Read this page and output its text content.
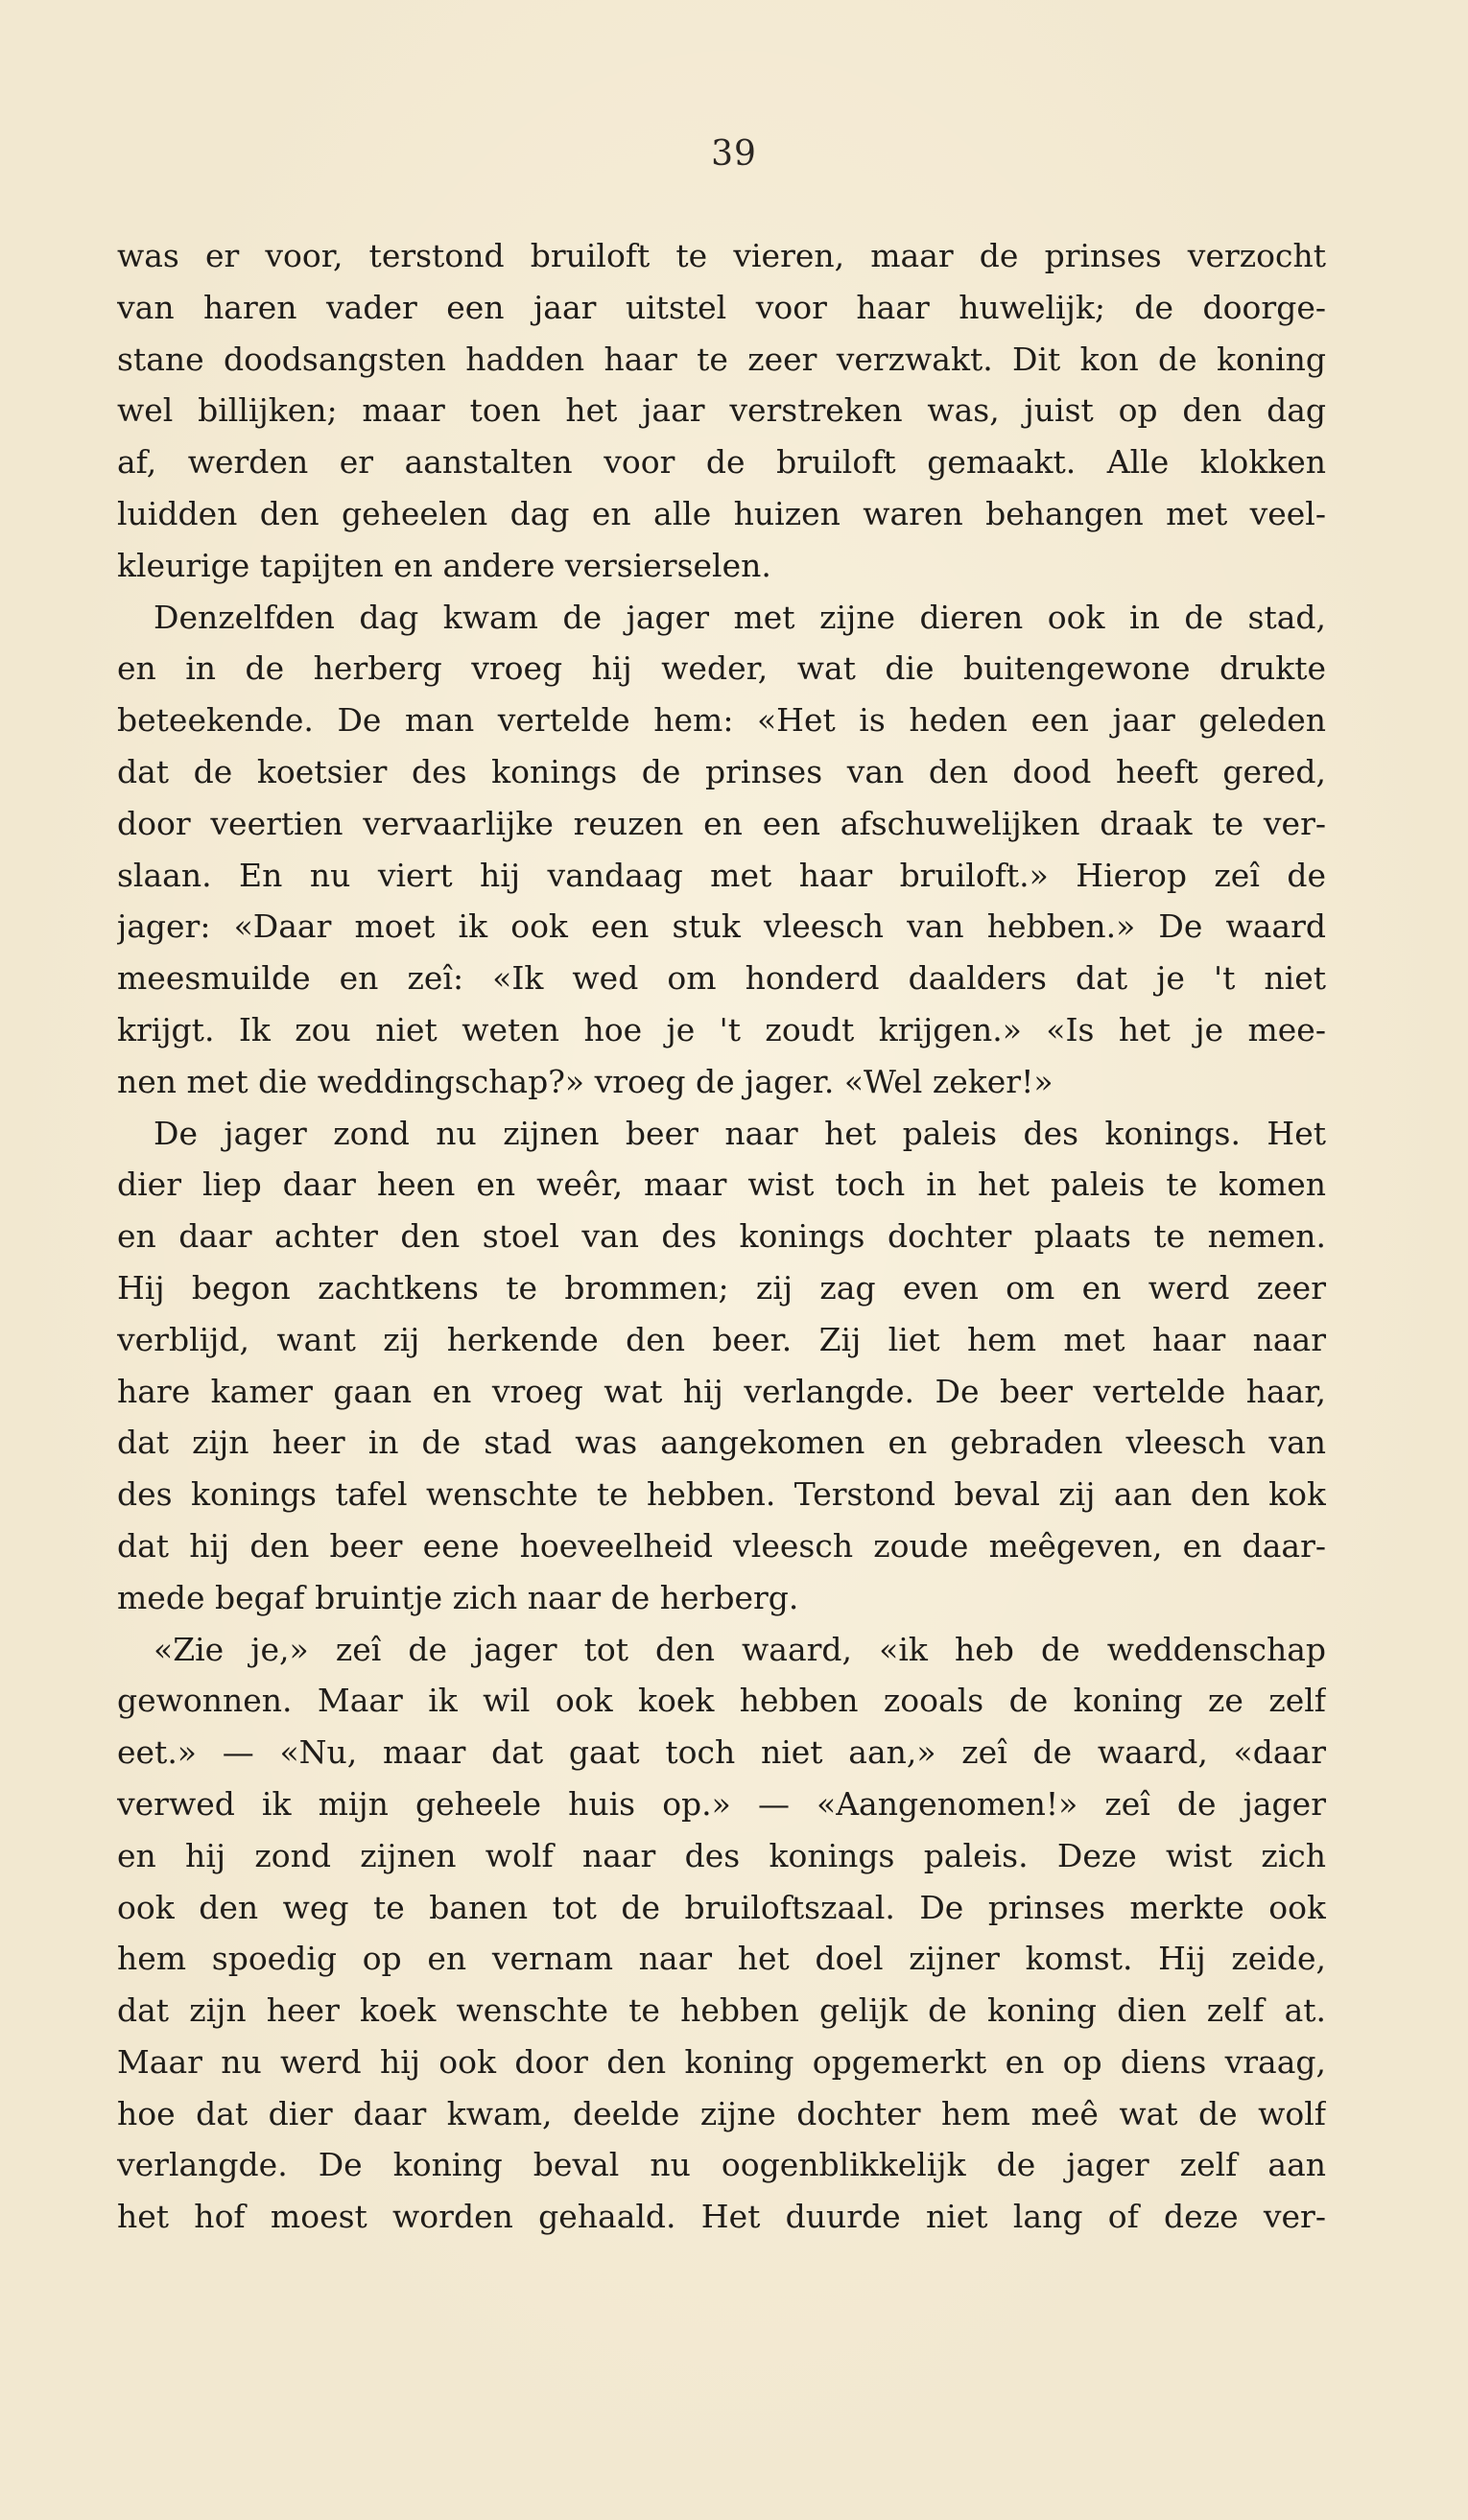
39
was er voor, terstond bruiloft te vieren, maar de prinses verzocht
van haren vader een jaar uitstel voor haar huwelijk; de doorge-
stane doodsangsten hadden haar te zeer verzwakt. Dit kon de koning
wel billijken; maar toen het jaar verstreken was, juist op den dag
af, werden er aanstalten voor de bruiloft gemaakt. Alle klokken
luidden den geheelen dag en alle huizen waren behangen met veel-
kleurige tapijten en andere versierselen.
Denzelfden dag kwam de jager met zijne dieren ook in de stad,
en in de herberg vroeg hij weder, wat die buitengewone drukte
beteekende. De man vertelde hem: «Het is heden een jaar geleden
dat de koetsier des konings de prinses van den dood heeft gered,
door veertien vervaarlijke reuzen en een afschuwelijken draak te ver-
slaan. En nu viert hij vandaag met haar bruiloft.» Hierop zeî de
jager: «Daar moet ik ook een stuk vleesch van hebben.» De waard
meesmuilde en zeî: «Ik wed om honderd daalders dat je 't niet
krijgt. Ik zou niet weten hoe je 't zoudt krijgen.» «Is het je mee-
nen met die weddingschap?» vroeg de jager. «Wel zeker!»
De jager zond nu zijnen beer naar het paleis des konings. Het
dier liep daar heen en weêr, maar wist toch in het paleis te komen
en daar achter den stoel van des konings dochter plaats te nemen.
Hij begon zachtkens te brommen; zij zag even om en werd zeer
verblijd, want zij herkende den beer. Zij liet hem met haar naar
hare kamer gaan en vroeg wat hij verlangde. De beer vertelde haar,
dat zijn heer in de stad was aangekomen en gebraden vleesch van
des konings tafel wenschte te hebben. Terstond beval zij aan den kok
dat hij den beer eene hoeveelheid vleesch zoude meêgeven, en daar-
mede begaf bruintje zich naar de herberg.
«Zie je,» zeî de jager tot den waard, «ik heb de weddenschap
gewonnen. Maar ik wil ook koek hebben zooals de koning ze zelf
eet.» — «Nu, maar dat gaat toch niet aan,» zeî de waard, «daar
verwed ik mijn geheele huis op.» — «Aangenomen!» zeî de jager
en hij zond zijnen wolf naar des konings paleis. Deze wist zich
ook den weg te banen tot de bruiloftszaal. De prinses merkte ook
hem spoedig op en vernam naar het doel zijner komst. Hij zeide,
dat zijn heer koek wenschte te hebben gelijk de koning dien zelf at.
Maar nu werd hij ook door den koning opgemerkt en op diens vraag,
hoe dat dier daar kwam, deelde zijne dochter hem meê wat de wolf
verlangde. De koning beval nu oogenblikkelijk de jager zelf aan
het hof moest worden gehaald. Het duurde niet lang of deze ver-
